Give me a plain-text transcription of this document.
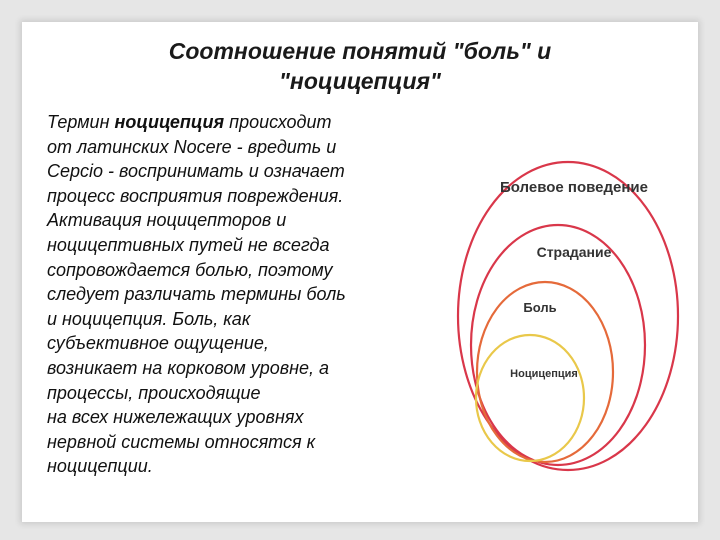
Соотношение понятий "боль" и
"ноцицепция"
Термин ноцицепция происходит
от латинских Nocere - вредить и
Cepcio - воспринимать и означает
процесс восприятия повреждения.
Активация ноцицепторов и
ноцицептивных путей не всегда
сопровождается болью, поэтому
следует различать термины боль
и ноцицепция. Боль, как
субъективное ощущение,
возникает на корковом уровне, а
процессы, происходящие
на всех нижележащих уровнях
нервной системы относятся к
ноцицепции.
Болевое поведение
Страдание
Боль
Ноцицепция
